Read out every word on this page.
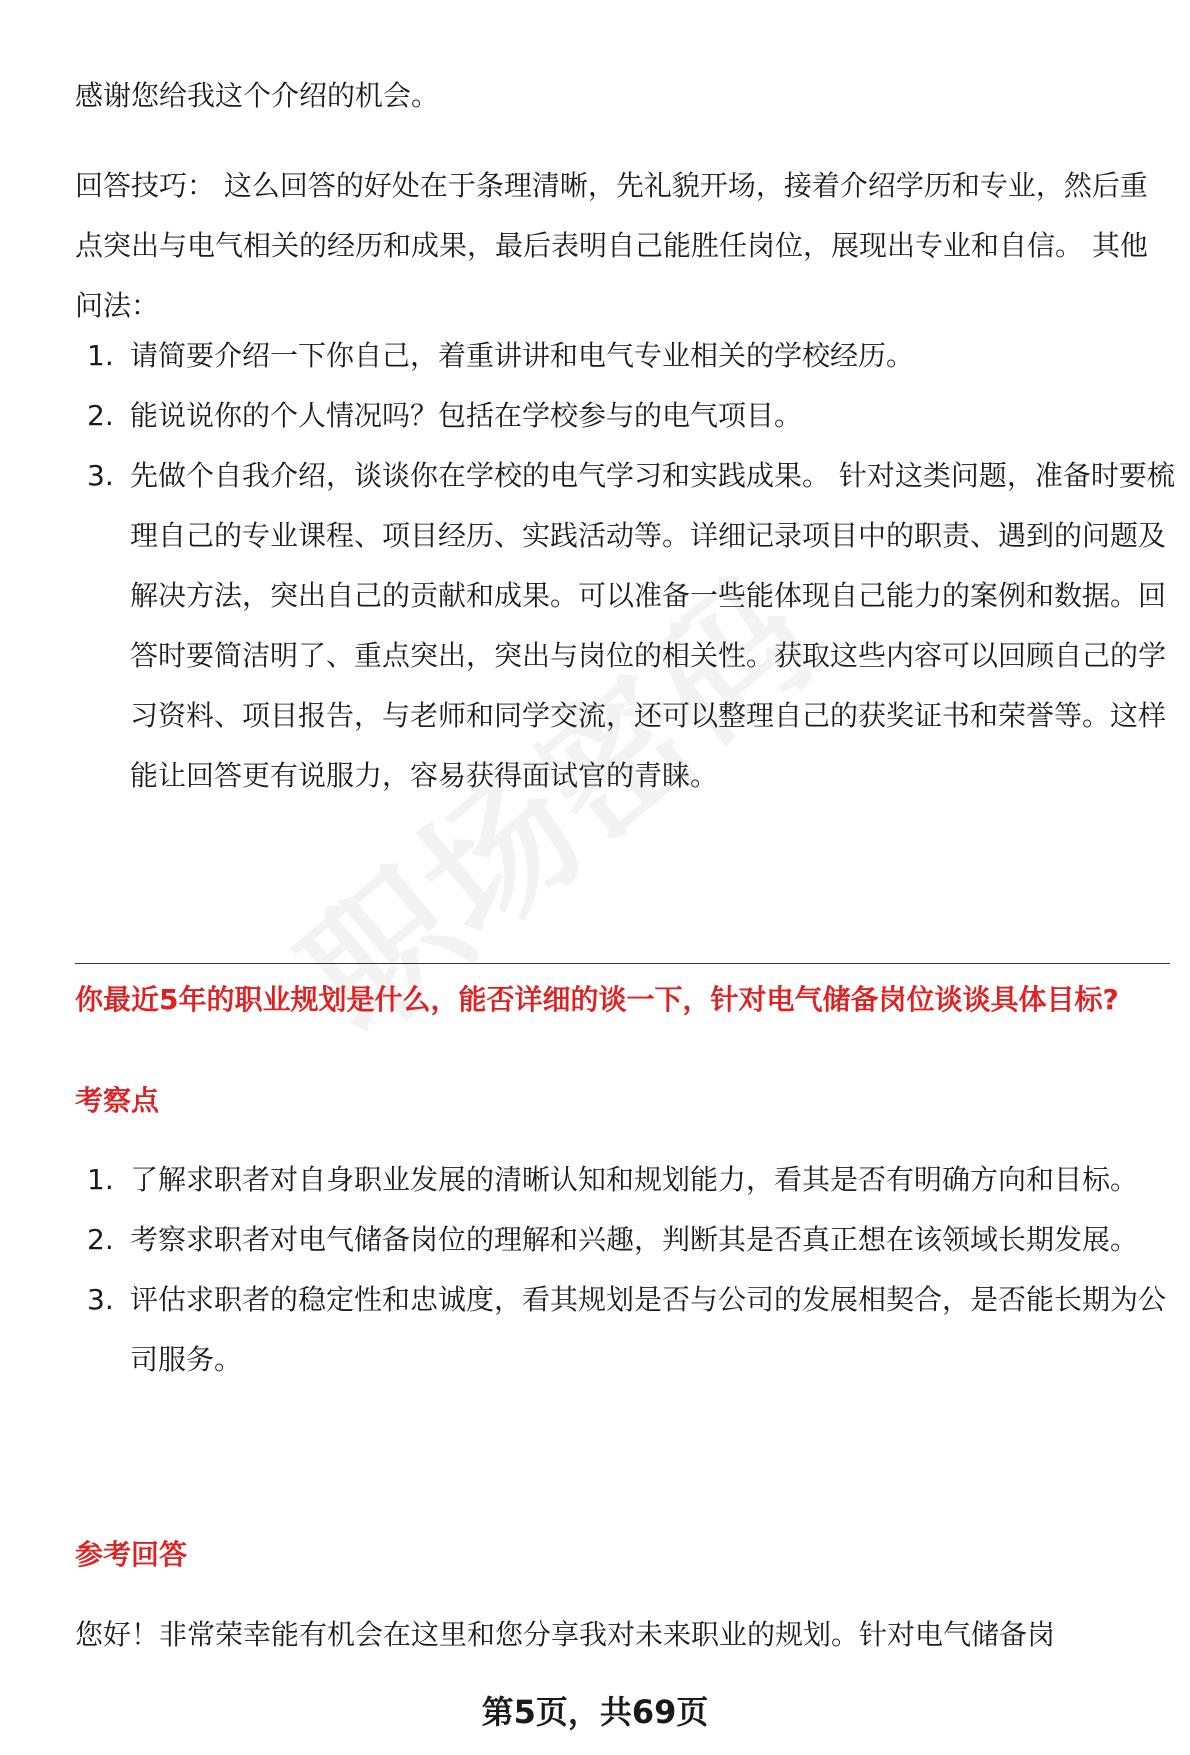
感谢您给我这个介绍的机会。

回答技巧： 这么回答的好处在于条理清晰，先礼貌开场，接着介绍学历和专业，然后重点突出与电气相关的经历和成果，最后表明自己能胜任岗位，展现出专业和自信。 其他问法：

1. 请简要介绍一下你自己，着重讲讲和电气专业相关的学校经历。
2. 能说说你的个人情况吗？包括在学校参与的电气项目。
3. 先做个自我介绍，谈谈你在学校的电气学习和实践成果。 针对这类问题，准备时要梳理自己的专业课程、项目经历、实践活动等。详细记录项目中的职责、遇到的问题及解决方法，突出自己的贡献和成果。可以准备一些能体现自己能力的案例和数据。回答时要简洁明了、重点突出，突出与岗位的相关性。获取这些内容可以回顾自己的学习资料、项目报告，与老师和同学交流，还可以整理自己的获奖证书和荣誉等。这样能让回答更有说服力，容易获得面试官的青睐。

你最近5年的职业规划是什么，能否详细的谈一下，针对电气储备岗位谈谈具体目标?

考察点

1. 了解求职者对自身职业发展的清晰认知和规划能力，看其是否有明确方向和目标。
2. 考察求职者对电气储备岗位的理解和兴趣，判断其是否真正想在该领域长期发展。
3. 评估求职者的稳定性和忠诚度，看其规划是否与公司的发展相契合，是否能长期为公司服务。

参考回答

您好！非常荣幸能有机会在这里和您分享我对未来职业的规划。针对电气储备岗

第5页，共69页
